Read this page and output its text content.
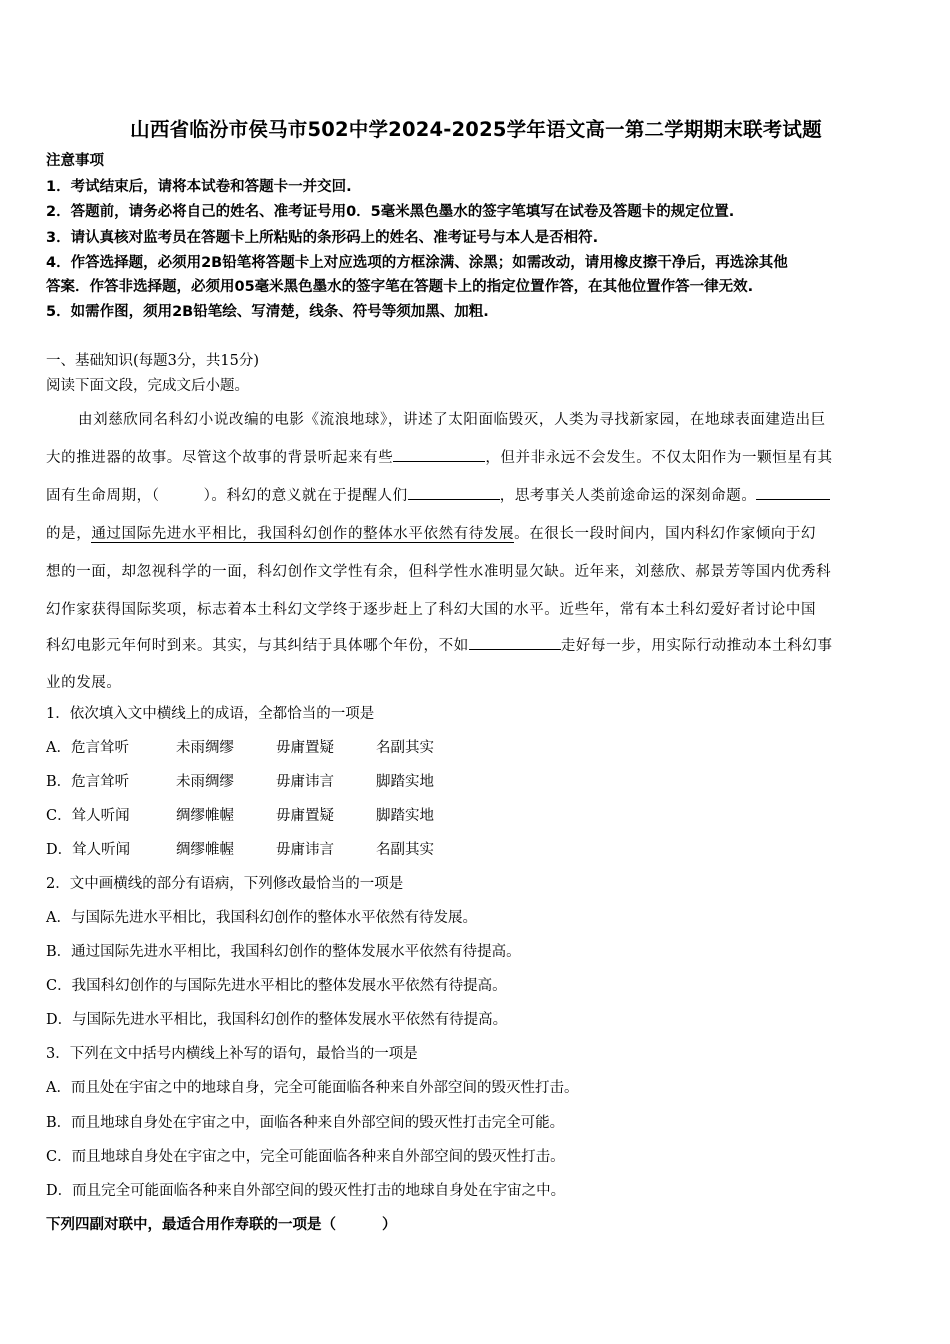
山西省临汾市侯马市502中学2024-2025学年语文高一第二学期期末联考试题
注意事项
1．考试结束后，请将本试卷和答题卡一并交回.
2．答题前，请务必将自己的姓名、准考证号用0．5毫米黑色墨水的签字笔填写在试卷及答题卡的规定位置.
3．请认真核对监考员在答题卡上所粘贴的条形码上的姓名、准考证号与本人是否相符.
4．作答选择题，必须用2B铅笔将答题卡上对应选项的方框涂满、涂黑；如需改动，请用橡皮擦干净后，再选涂其他
答案．作答非选择题，必须用05毫米黑色墨水的签字笔在答题卡上的指定位置作答，在其他位置作答一律无效.
5．如需作图，须用2B铅笔绘、写清楚，线条、符号等须加黑、加粗.
一、基础知识(每题3分，共15分)
阅读下面文段，完成文后小题。
由刘慈欣同名科幻小说改编的电影《流浪地球》，讲述了太阳面临毁灭，人类为寻找新家园，在地球表面建造出巨
大的推进器的故事。尽管这个故事的背景听起来有些	，但并非永远不会发生。不仅太阳作为一颗恒星有其
固有生命周期，（	）。科幻的意义就在于提醒人们	，思考事关人类前途命运的深刻命题。
的是，通过国际先进水平相比，我国科幻创作的整体水平依然有待发展。在很长一段时间内，国内科幻作家倾向于幻
想的一面，却忽视科学的一面，科幻创作文学性有余，但科学性水准明显欠缺。近年来，刘慈欣、郝景芳等国内优秀科
幻作家获得国际奖项，标志着本土科幻文学终于逐步赶上了科幻大国的水平。近些年，常有本土科幻爱好者讨论中国
科幻电影元年何时到来。其实，与其纠结于具体哪个年份，不如	走好每一步，用实际行动推动本土科幻事
业的发展。
1．依次填入文中横线上的成语，全都恰当的一项是
A．危言耸听	未雨绸缪	毋庸置疑	名副其实
B．危言耸听	未雨绸缪	毋庸讳言	脚踏实地
C．耸人听闻	绸缪帷幄	毋庸置疑	脚踏实地
D．耸人听闻	绸缪帷幄	毋庸讳言	名副其实
2．文中画横线的部分有语病，下列修改最恰当的一项是
A．与国际先进水平相比，我国科幻创作的整体水平依然有待发展。
B．通过国际先进水平相比，我国科幻创作的整体发展水平依然有待提高。
C．我国科幻创作的与国际先进水平相比的整体发展水平依然有待提高。
D．与国际先进水平相比，我国科幻创作的整体发展水平依然有待提高。
3．下列在文中括号内横线上补写的语句，最恰当的一项是
A．而且处在宇宙之中的地球自身，完全可能面临各种来自外部空间的毁灭性打击。
B．而且地球自身处在宇宙之中，面临各种来自外部空间的毁灭性打击完全可能。
C．而且地球自身处在宇宙之中，完全可能面临各种来自外部空间的毁灭性打击。
D．而且完全可能面临各种来自外部空间的毁灭性打击的地球自身处在宇宙之中。
下列四副对联中，最适合用作寿联的一项是（	）
